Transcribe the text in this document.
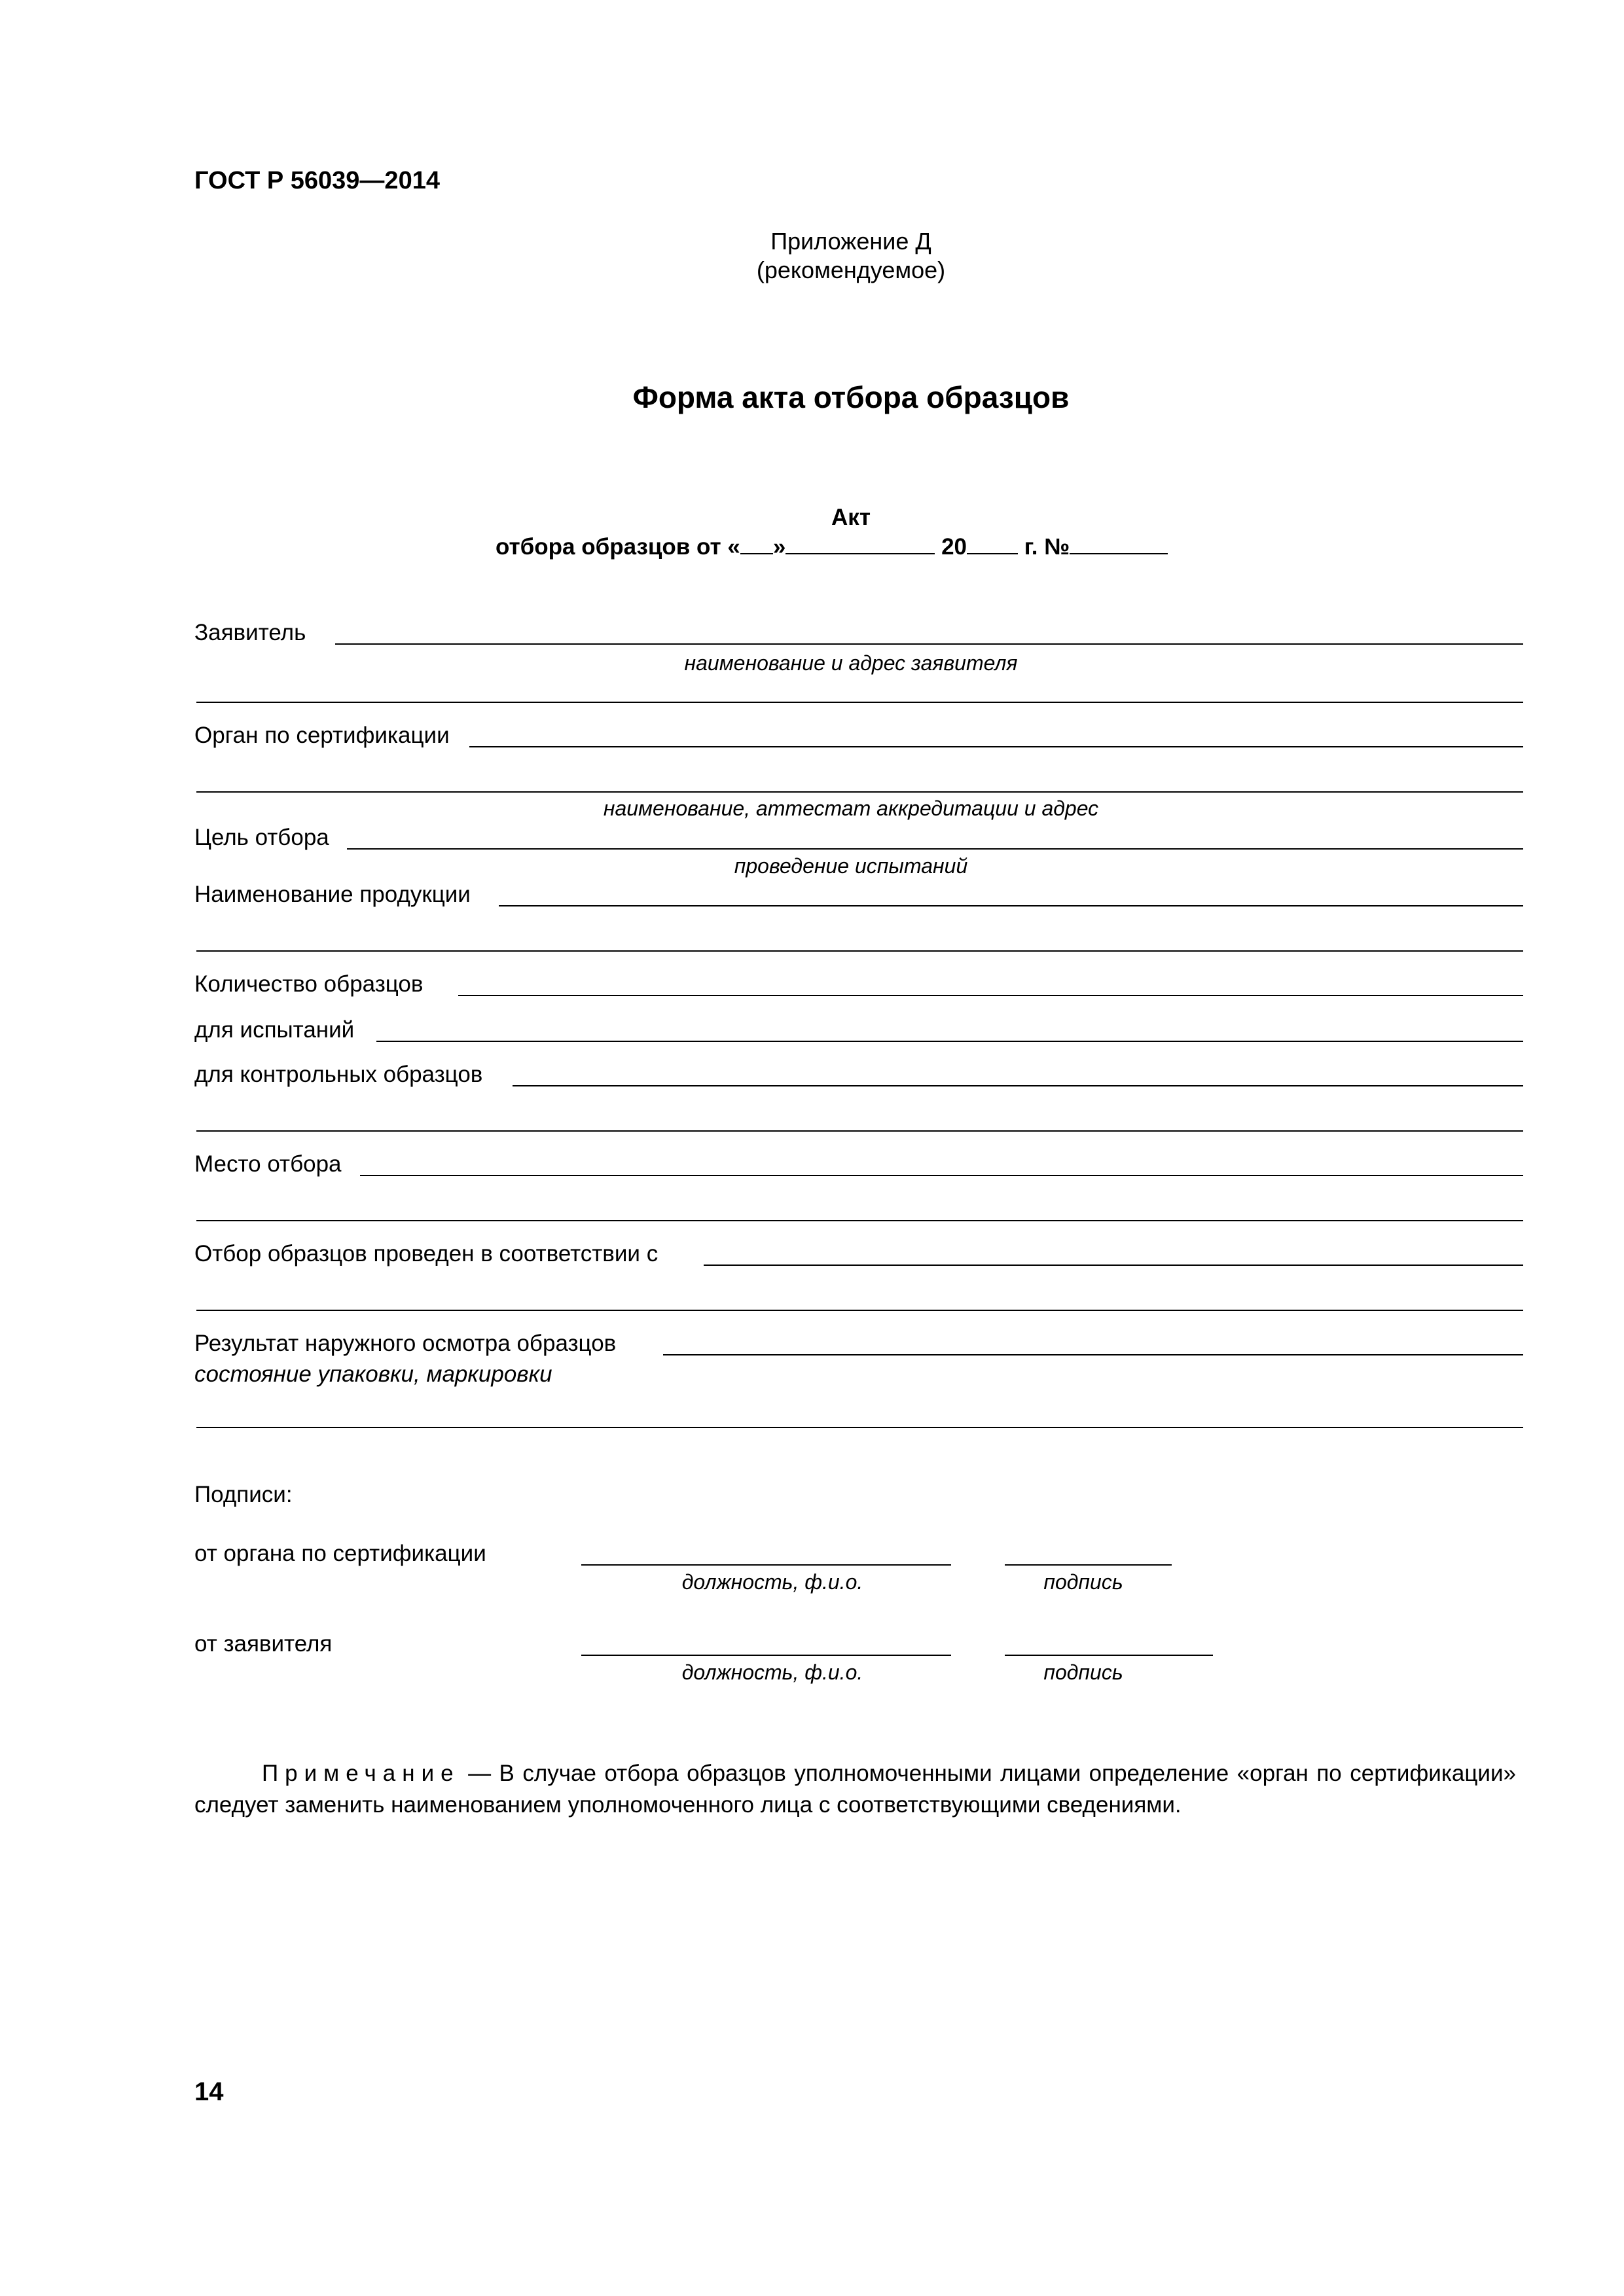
ГОСТ Р 56039—2014
Приложение Д
(рекомендуемое)
Форма акта отбора образцов
Акт
отбора образцов от « »	20	г. №
Заявитель
наименование и адрес заявителя
Орган по сертификации
наименование, аттестат аккредитации и адрес
Цель отбора
проведение испытаний
Наименование продукции
Количество образцов
для испытаний
для контрольных образцов
Место отбора
Отбор образцов проведен в соответствии с
Результат наружного осмотра образцов
состояние упаковки, маркировки
Подписи:
от органа по сертификации
должность, ф.и.о.	подпись
от заявителя
должность, ф.и.о.	подпись
Примечание — В случае отбора образцов уполномоченными лицами определение «орган по сертификации» следует заменить наименованием уполномоченного лица с соответствующими сведениями.
14
